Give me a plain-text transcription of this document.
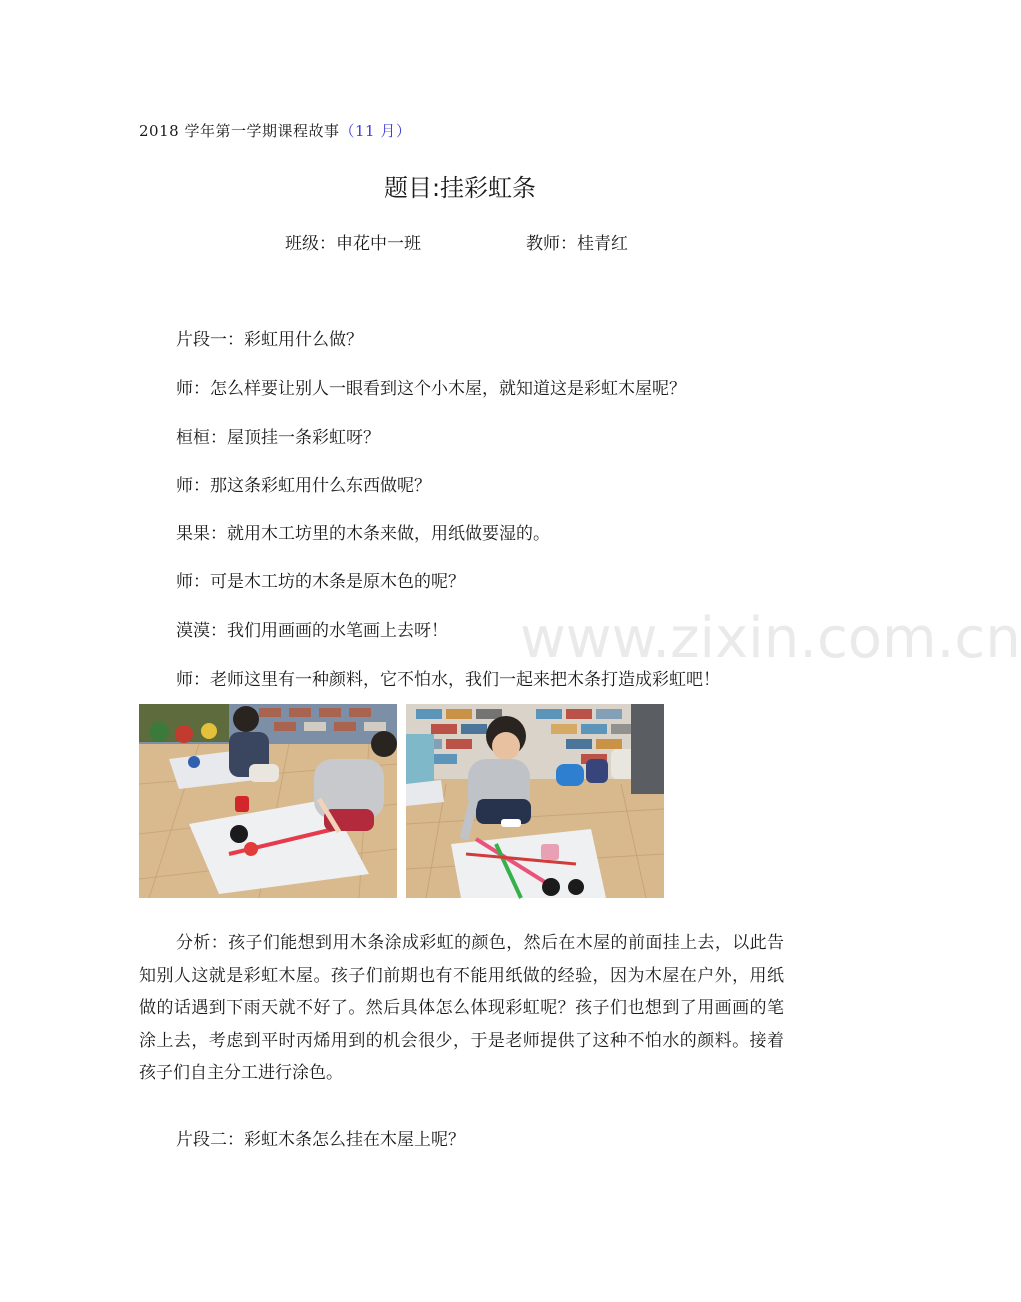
2018 学年第一学期课程故事（11 月）
题目:挂彩虹条
班级：申花中一班	教师：桂青红
片段一：彩虹用什么做？
师：怎么样要让别人一眼看到这个小木屋，就知道这是彩虹木屋呢？
桓桓：屋顶挂一条彩虹呀？
师：那这条彩虹用什么东西做呢？
果果：就用木工坊里的木条来做，用纸做要湿的。
师：可是木工坊的木条是原木色的呢？
漠漠：我们用画画的水笔画上去呀！
师：老师这里有一种颜料，它不怕水，我们一起来把木条打造成彩虹吧！
www.zixin.com.cn
分析：孩子们能想到用木条涂成彩虹的颜色，然后在木屋的前面挂上去，以此告知别人这就是彩虹木屋。孩子们前期也有不能用纸做的经验，因为木屋在户外，用纸做的话遇到下雨天就不好了。然后具体怎么体现彩虹呢？孩子们也想到了用画画的笔涂上去，考虑到平时丙烯用到的机会很少，于是老师提供了这种不怕水的颜料。接着孩子们自主分工进行涂色。
片段二：彩虹木条怎么挂在木屋上呢？
